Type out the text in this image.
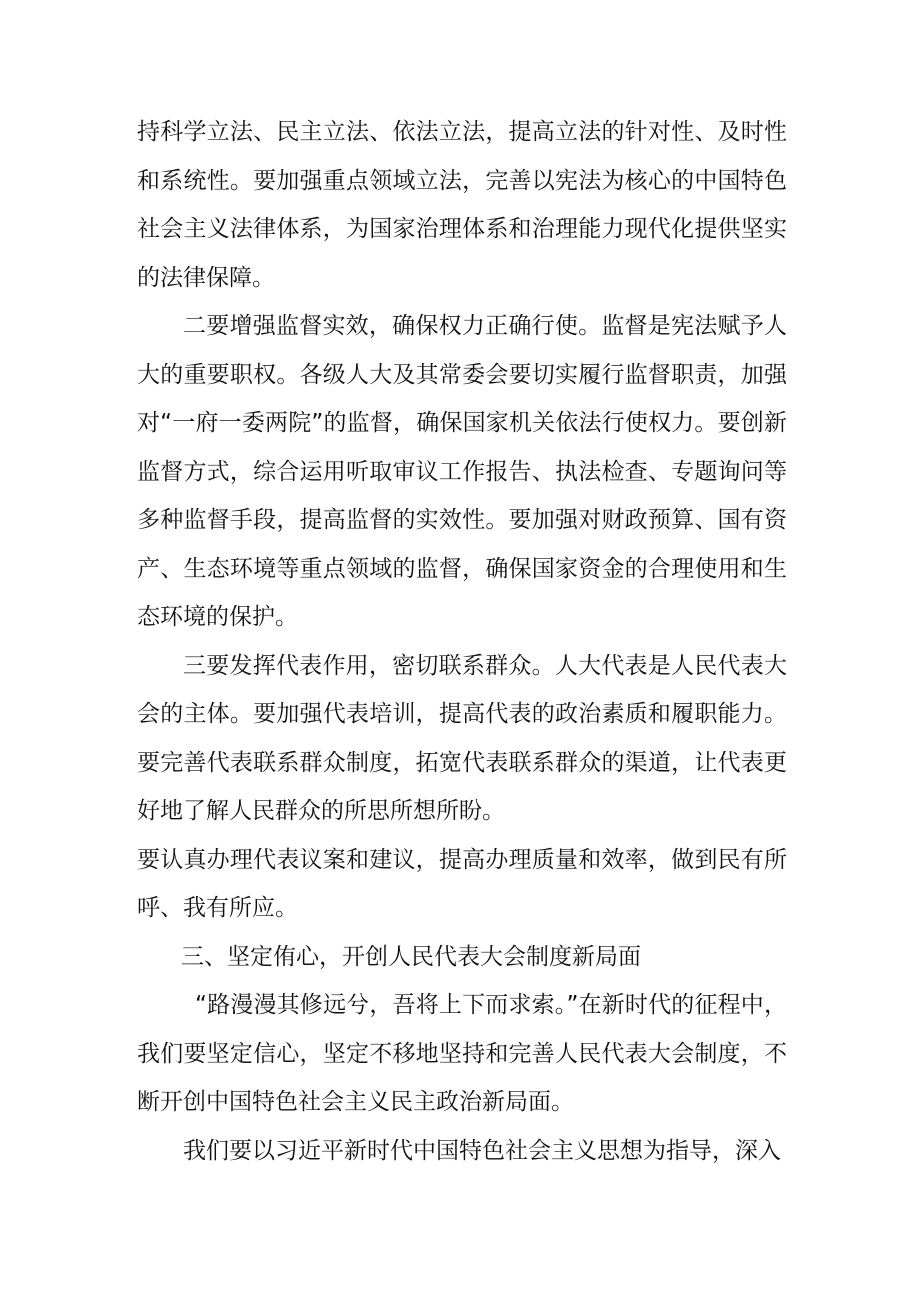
持科学立法、民主立法、依法立法，提高立法的针对性、及时性和系统性。要加强重点领域立法，完善以宪法为核心的中国特色社会主义法律体系，为国家治理体系和治理能力现代化提供坚实的法律保障。

二要增强监督实效，确保权力正确行使。监督是宪法赋予人大的重要职权。各级人大及其常委会要切实履行监督职责，加强对“一府一委两院”的监督，确保国家机关依法行使权力。要创新监督方式，综合运用听取审议工作报告、执法检查、专题询问等多种监督手段，提高监督的实效性。要加强对财政预算、国有资产、生态环境等重点领域的监督，确保国家资金的合理使用和生态环境的保护。

三要发挥代表作用，密切联系群众。人大代表是人民代表大会的主体。要加强代表培训，提高代表的政治素质和履职能力。要完善代表联系群众制度，拓宽代表联系群众的渠道，让代表更好地了解人民群众的所思所想所盼。

要认真办理代表议案和建议，提高办理质量和效率，做到民有所呼、我有所应。

三、坚定侑心，开创人民代表大会制度新局面

“路漫漫其修远兮，吾将上下而求索。”在新时代的征程中，我们要坚定信心，坚定不移地坚持和完善人民代表大会制度，不断开创中国特色社会主义民主政治新局面。

我们要以习近平新时代中国特色社会主义思想为指导，深入
